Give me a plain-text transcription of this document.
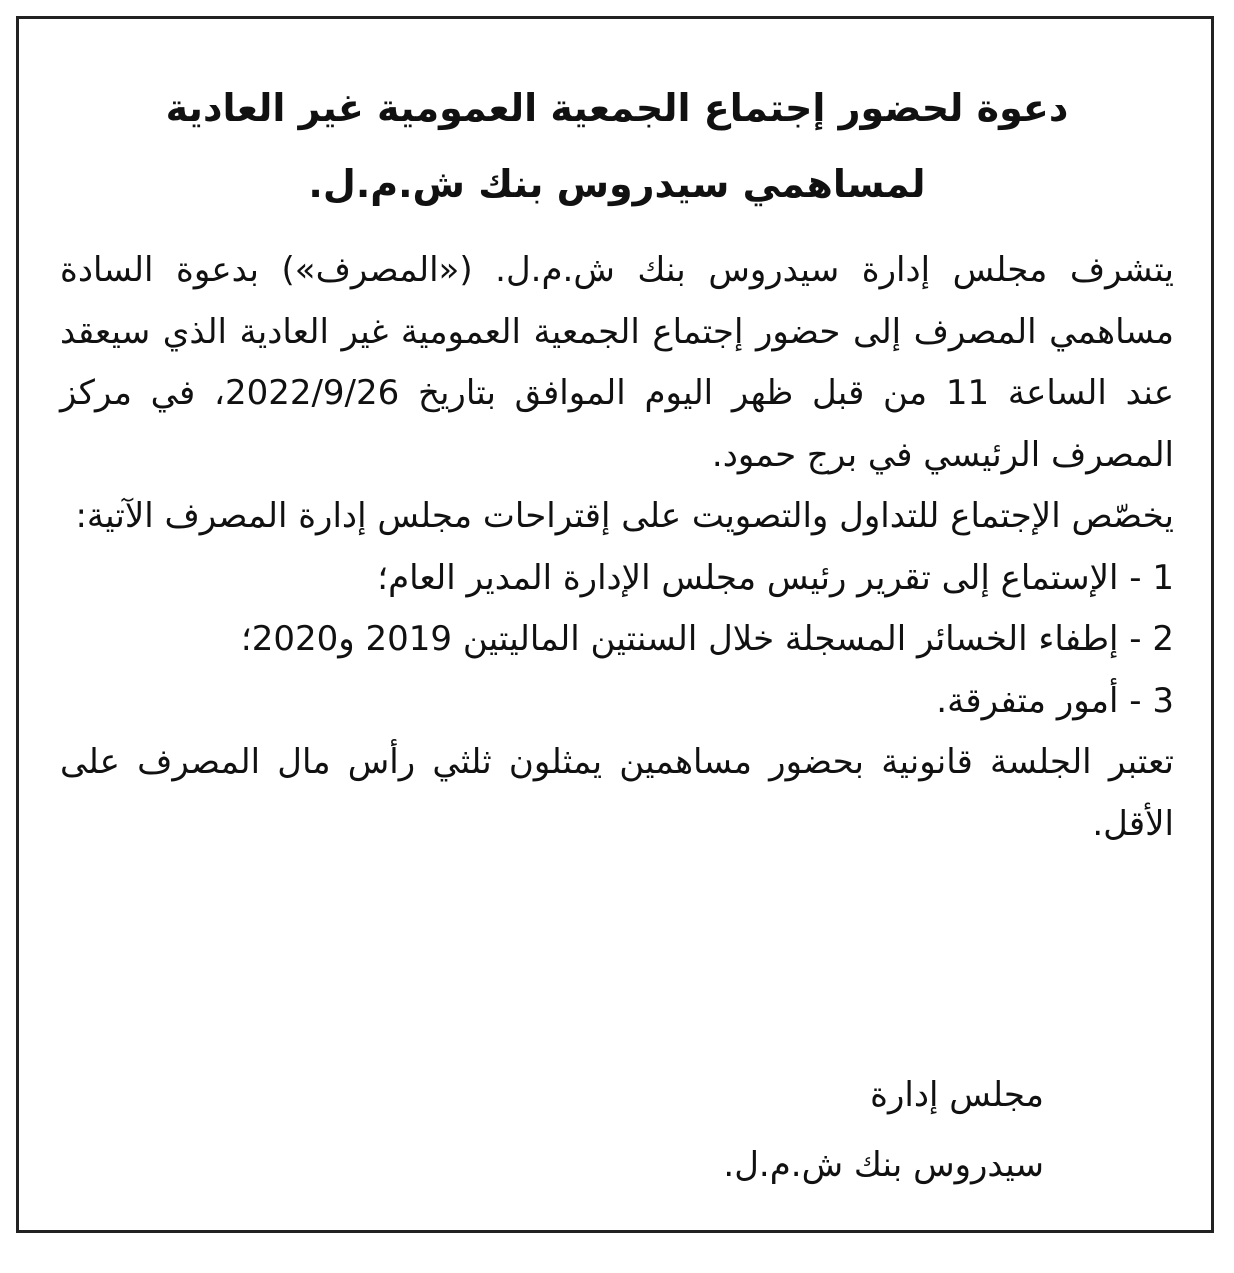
دعوة لحضور إجتماع الجمعية العمومية غير العادية
لمساهمي سيدروس بنك ش.م.ل.

يتشرف مجلس إدارة سيدروس بنك ش.م.ل. («المصرف») بدعوة السادة مساهمي المصرف إلى حضور إجتماع الجمعية العمومية غير العادية الذي سيعقد عند الساعة 11 من قبل ظهر اليوم الموافق بتاريخ 2022/9/26، في مركز المصرف الرئيسي في برج حمود.

يخصّص الإجتماع للتداول والتصويت على إقتراحات مجلس إدارة المصرف الآتية:

1 - الإستماع إلى تقرير رئيس مجلس الإدارة المدير العام؛

2 - إطفاء الخسائر المسجلة خلال السنتين الماليتين 2019 و2020؛

3 - أمور متفرقة.

تعتبر الجلسة قانونية بحضور مساهمين يمثلون ثلثي رأس مال المصرف على الأقل.

مجلس إدارة
سيدروس بنك ش.م.ل.
